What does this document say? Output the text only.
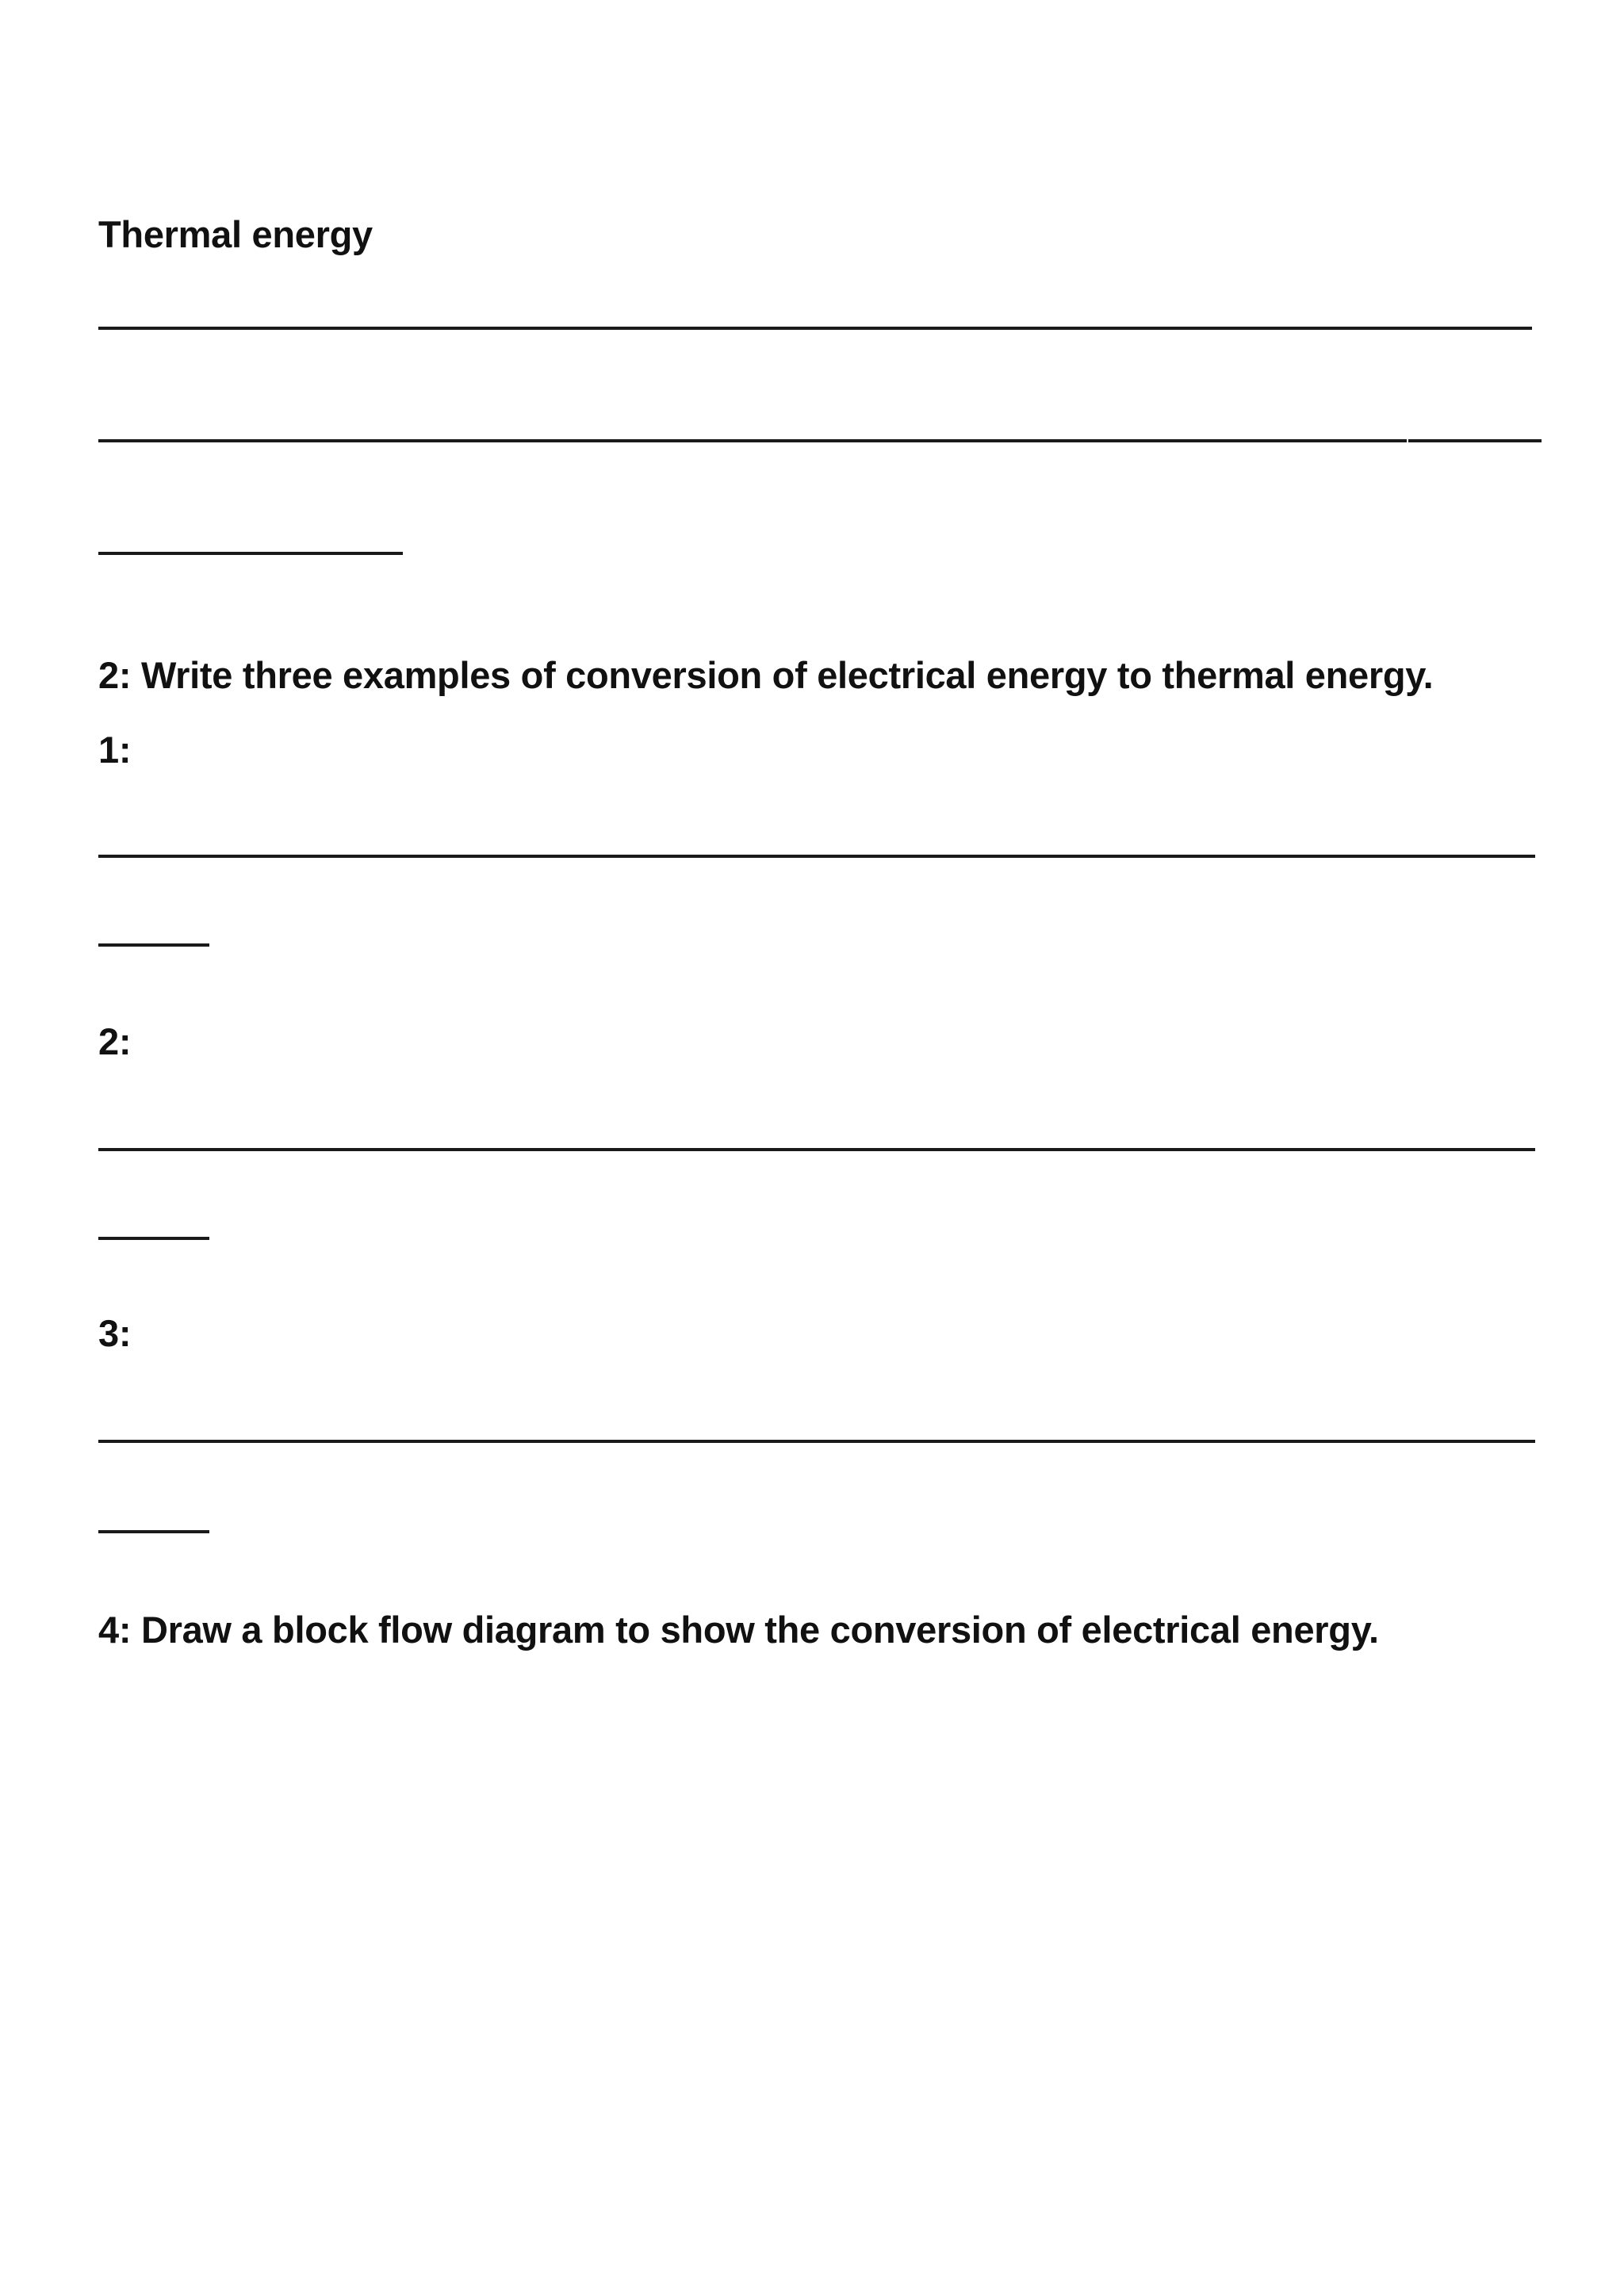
Thermal energy
2: Write three examples of conversion of electrical energy to thermal energy.
1:
2:
3:
4: Draw a block flow diagram to show the conversion of electrical energy.
